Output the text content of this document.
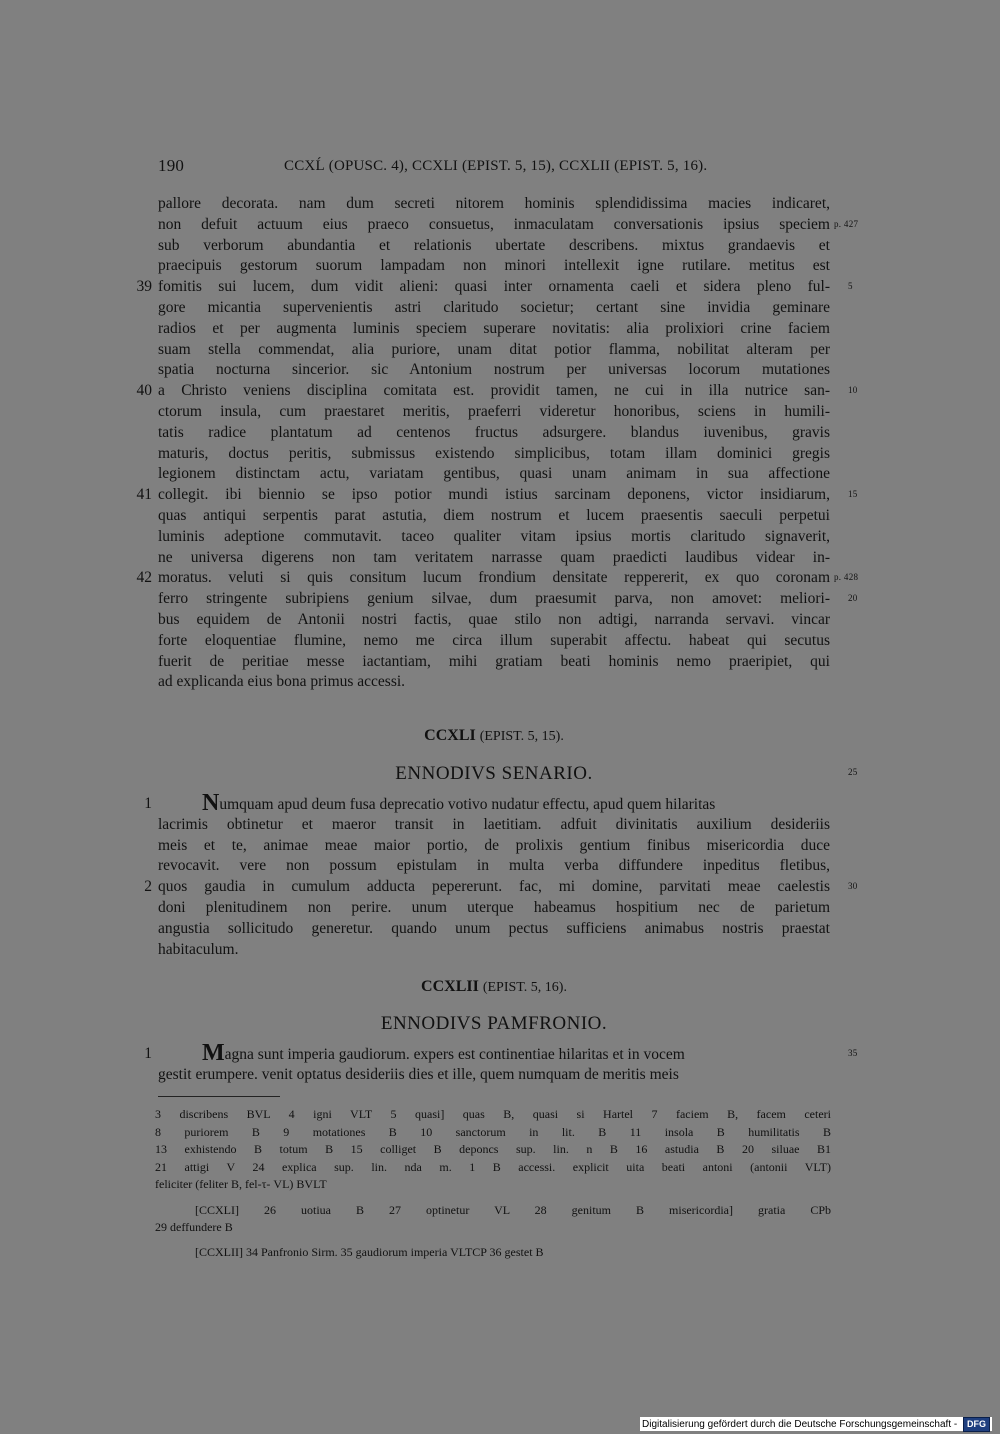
190	CCXĹ (OPUSC. 4), CCXLI (EPIST. 5, 15), CCXLII (EPIST. 5, 16).
pallore decorata. nam dum secreti nitorem hominis splendidissima macies indicaret,
non defuit actuum eius praeco consuetus, inmaculatam conversationis ipsius speciem p. 427
sub verborum abundantia et relationis ubertate describens. mixtus grandaevis et
praecipuis gestorum suorum lampadam non minori intellexit igne rutilare. metitus est
fomitis sui lucem, dum vidit alieni: quasi inter ornamenta caeli et sidera pleno ful-
39	5
gore micantia supervenientis astri claritudo societur; certant sine invidia geminare
radios et per augmenta luminis speciem superare novitatis: alia prolixiori crine faciem
suam stella commendat, alia puriore, unam ditat potior flamma, nobilitat alteram per
spatia nocturna sincerior. sic Antonium nostrum per universas locorum mutationes
a Christo veniens disciplina comitata est. providit tamen, ne cui in illa nutrice san-
40	10
ctorum insula, cum praestaret meritis, praeferri videretur honoribus, sciens in humili-
tatis radice plantatum ad centenos fructus adsurgere. blandus iuvenibus, gravis
maturis, doctus peritis, submissus existendo simplicibus, totam illam dominici gregis
legionem distinctam actu, variatam gentibus, quasi unam animam in sua affectione
collegit. ibi biennio se ipso potior mundi istius sarcinam deponens, victor insidiarum,
41	15
quas antiqui serpentis parat astutia, diem nostrum et lucem praesentis saeculi perpetui
luminis adeptione commutavit. taceo qualiter vitam ipsius mortis claritudo signaverit,
ne universa digerens non tam veritatem narrasse quam praedicti laudibus videar in-
moratus. veluti si quis consitum lucum frondium densitate reppererit, ex quo coronam
42	p. 428
ferro stringente subripiens genium silvae, dum praesumit parva, non amovet: meliori- 20
bus equidem de Antonii nostri factis, quae stilo non adtigi, narranda servavi. vincar
forte eloquentiae flumine, nemo me circa illum superabit affectu. habeat qui secutus
fuerit de peritiae messe iactantiam, mihi gratiam beati hominis nemo praeripiet, qui
ad explicanda eius bona primus accessi.
CCXLI (EPIST. 5, 15).
ENNODIVS SENARIO.	25
Numquam apud deum fusa deprecatio votivo nudatur effectu, apud quem hilaritas
1
lacrimis obtinetur et maeror transit in laetitiam. adfuit divinitatis auxilium desideriis
meis et te, animae meae maior portio, de prolixis gentium finibus misericordia duce
revocavit. vere non possum epistulam in multa verba diffundere inpeditus fletibus,
quos gaudia in cumulum adducta pepererunt. fac, mi domine, parvitati meae caelestis
2	30
doni plenitudinem non perire. unum uterque habeamus hospitium nec de parietum
angustia sollicitudo generetur. quando unum pectus sufficiens animabus nostris praestat
habitaculum.
CCXLII (EPIST. 5, 16).
ENNODIVS PAMFRONIO.
Magna sunt imperia gaudiorum. expers est continentiae hilaritas et in vocem
1	35
gestit erumpere. venit optatus desideriis dies et ille, quem numquam de meritis meis
3 discribens BVL 4 igni VLT 5 quasi] quas B, quasi si Hartel 7 faciem B, facem ceteri
8 puriorem B 9 motationes B 10 sanctorum in lit. B 11 insola B humilitatis B
13 exhistendo B totum B 15 colliget B deponcs sup. lin. n B 16 astudia B 20 siluae B1
21 attigi V 24 explica sup. lin. nda m. 1 B accessi. explicit uita beati antoni (antonii VLT)
feliciter (feliter B, fel-τ- VL) BVLT
[CCXLI] 26 uotiua B 27 optinetur VL 28 genitum B misericordia] gratia CPb
29 deffundere B
[CCXLII] 34 Panfronio Sirm. 35 gaudiorum imperia VLTCP 36 gestet B
Digitalisierung gefördert durch die Deutsche Forschungsgemeinschaft - DFG
